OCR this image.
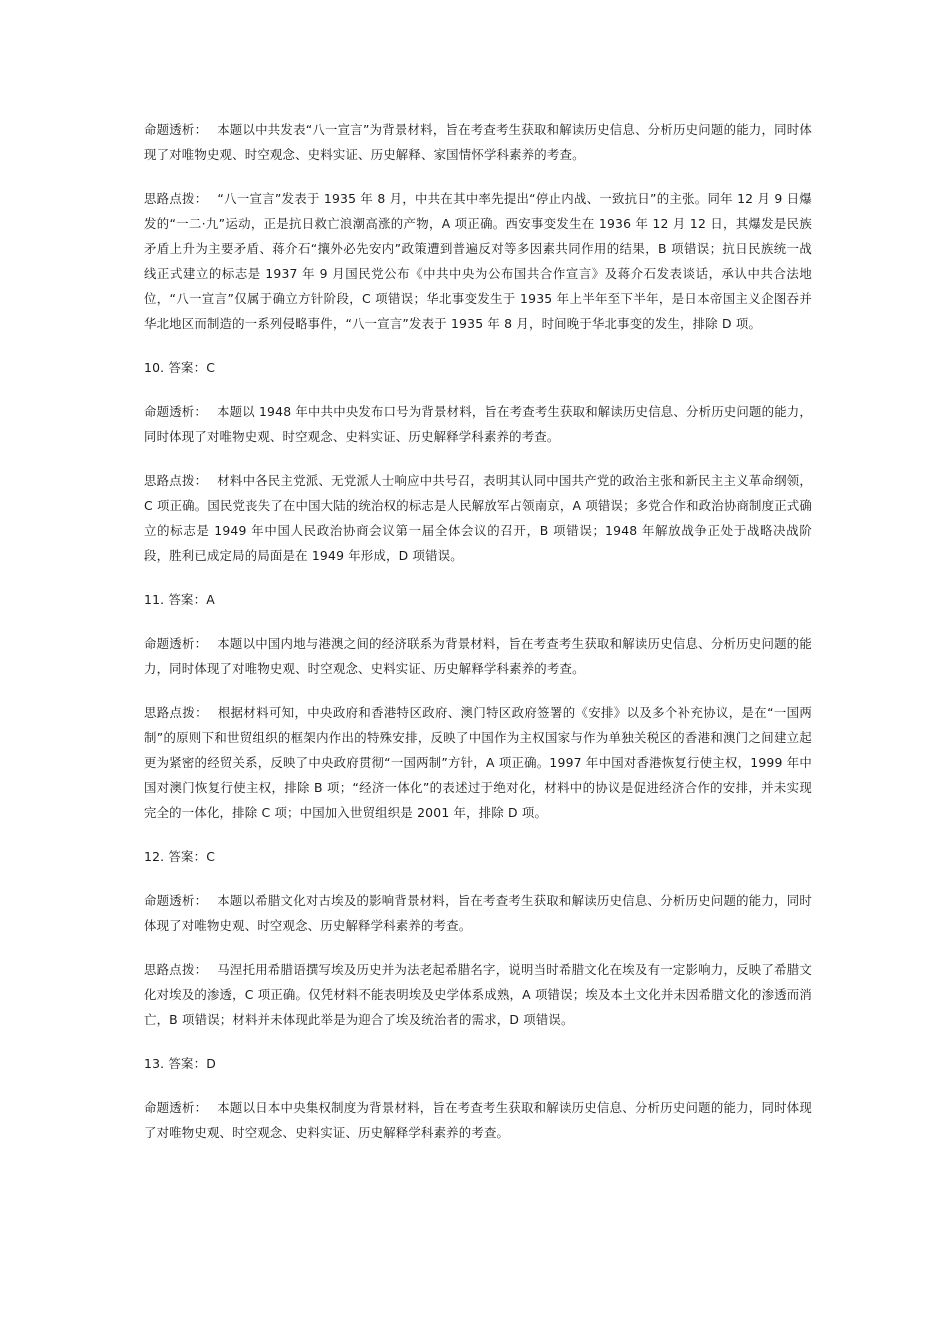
命题透析： 本题以中共发表“八一宣言”为背景材料，旨在考查考生获取和解读历史信息、分析历史问题的能力，同时体现了对唯物史观、时空观念、史料实证、历史解释、家国情怀学科素养的考查。

思路点拨： “八一宣言”发表于 1935 年 8 月，中共在其中率先提出“停止内战、一致抗日”的主张。同年 12 月 9 日爆发的“一二·九”运动，正是抗日救亡浪潮高涨的产物，A 项正确。西安事变发生在 1936 年 12 月 12 日，其爆发是民族矛盾上升为主要矛盾、蒋介石“攘外必先安内”政策遭到普遍反对等多因素共同作用的结果，B 项错误；抗日民族统一战线正式建立的标志是 1937 年 9 月国民党公布《中共中央为公布国共合作宣言》及蒋介石发表谈话，承认中共合法地位，“八一宣言”仅属于确立方针阶段，C 项错误；华北事变发生于 1935 年上半年至下半年，是日本帝国主义企图吞并华北地区而制造的一系列侵略事件，“八一宣言”发表于 1935 年 8 月，时间晚于华北事变的发生，排除 D 项。

10. 答案：C

命题透析： 本题以 1948 年中共中央发布口号为背景材料，旨在考查考生获取和解读历史信息、分析历史问题的能力，同时体现了对唯物史观、时空观念、史料实证、历史解释学科素养的考查。

思路点拨： 材料中各民主党派、无党派人士响应中共号召，表明其认同中国共产党的政治主张和新民主主义革命纲领，C 项正确。国民党丧失了在中国大陆的统治权的标志是人民解放军占领南京，A 项错误；多党合作和政治协商制度正式确立的标志是 1949 年中国人民政治协商会议第一届全体会议的召开，B 项错误；1948 年解放战争正处于战略决战阶段，胜利已成定局的局面是在 1949 年形成，D 项错误。

11. 答案：A

命题透析： 本题以中国内地与港澳之间的经济联系为背景材料，旨在考查考生获取和解读历史信息、分析历史问题的能力，同时体现了对唯物史观、时空观念、史料实证、历史解释学科素养的考查。

思路点拨： 根据材料可知，中央政府和香港特区政府、澳门特区政府签署的《安排》以及多个补充协议，是在“一国两制”的原则下和世贸组织的框架内作出的特殊安排，反映了中国作为主权国家与作为单独关税区的香港和澳门之间建立起更为紧密的经贸关系，反映了中央政府贯彻“一国两制”方针，A 项正确。1997 年中国对香港恢复行使主权，1999 年中国对澳门恢复行使主权，排除 B 项；“经济一体化”的表述过于绝对化，材料中的协议是促进经济合作的安排，并未实现完全的一体化，排除 C 项；中国加入世贸组织是 2001 年，排除 D 项。

12. 答案：C

命题透析： 本题以希腊文化对古埃及的影响背景材料，旨在考查考生获取和解读历史信息、分析历史问题的能力，同时体现了对唯物史观、时空观念、历史解释学科素养的考查。

思路点拨： 马涅托用希腊语撰写埃及历史并为法老起希腊名字，说明当时希腊文化在埃及有一定影响力，反映了希腊文化对埃及的渗透，C 项正确。仅凭材料不能表明埃及史学体系成熟，A 项错误；埃及本土文化并未因希腊文化的渗透而消亡，B 项错误；材料并未体现此举是为迎合了埃及统治者的需求，D 项错误。

13. 答案：D

命题透析： 本题以日本中央集权制度为背景材料，旨在考查考生获取和解读历史信息、分析历史问题的能力，同时体现了对唯物史观、时空观念、史料实证、历史解释学科素养的考查。
